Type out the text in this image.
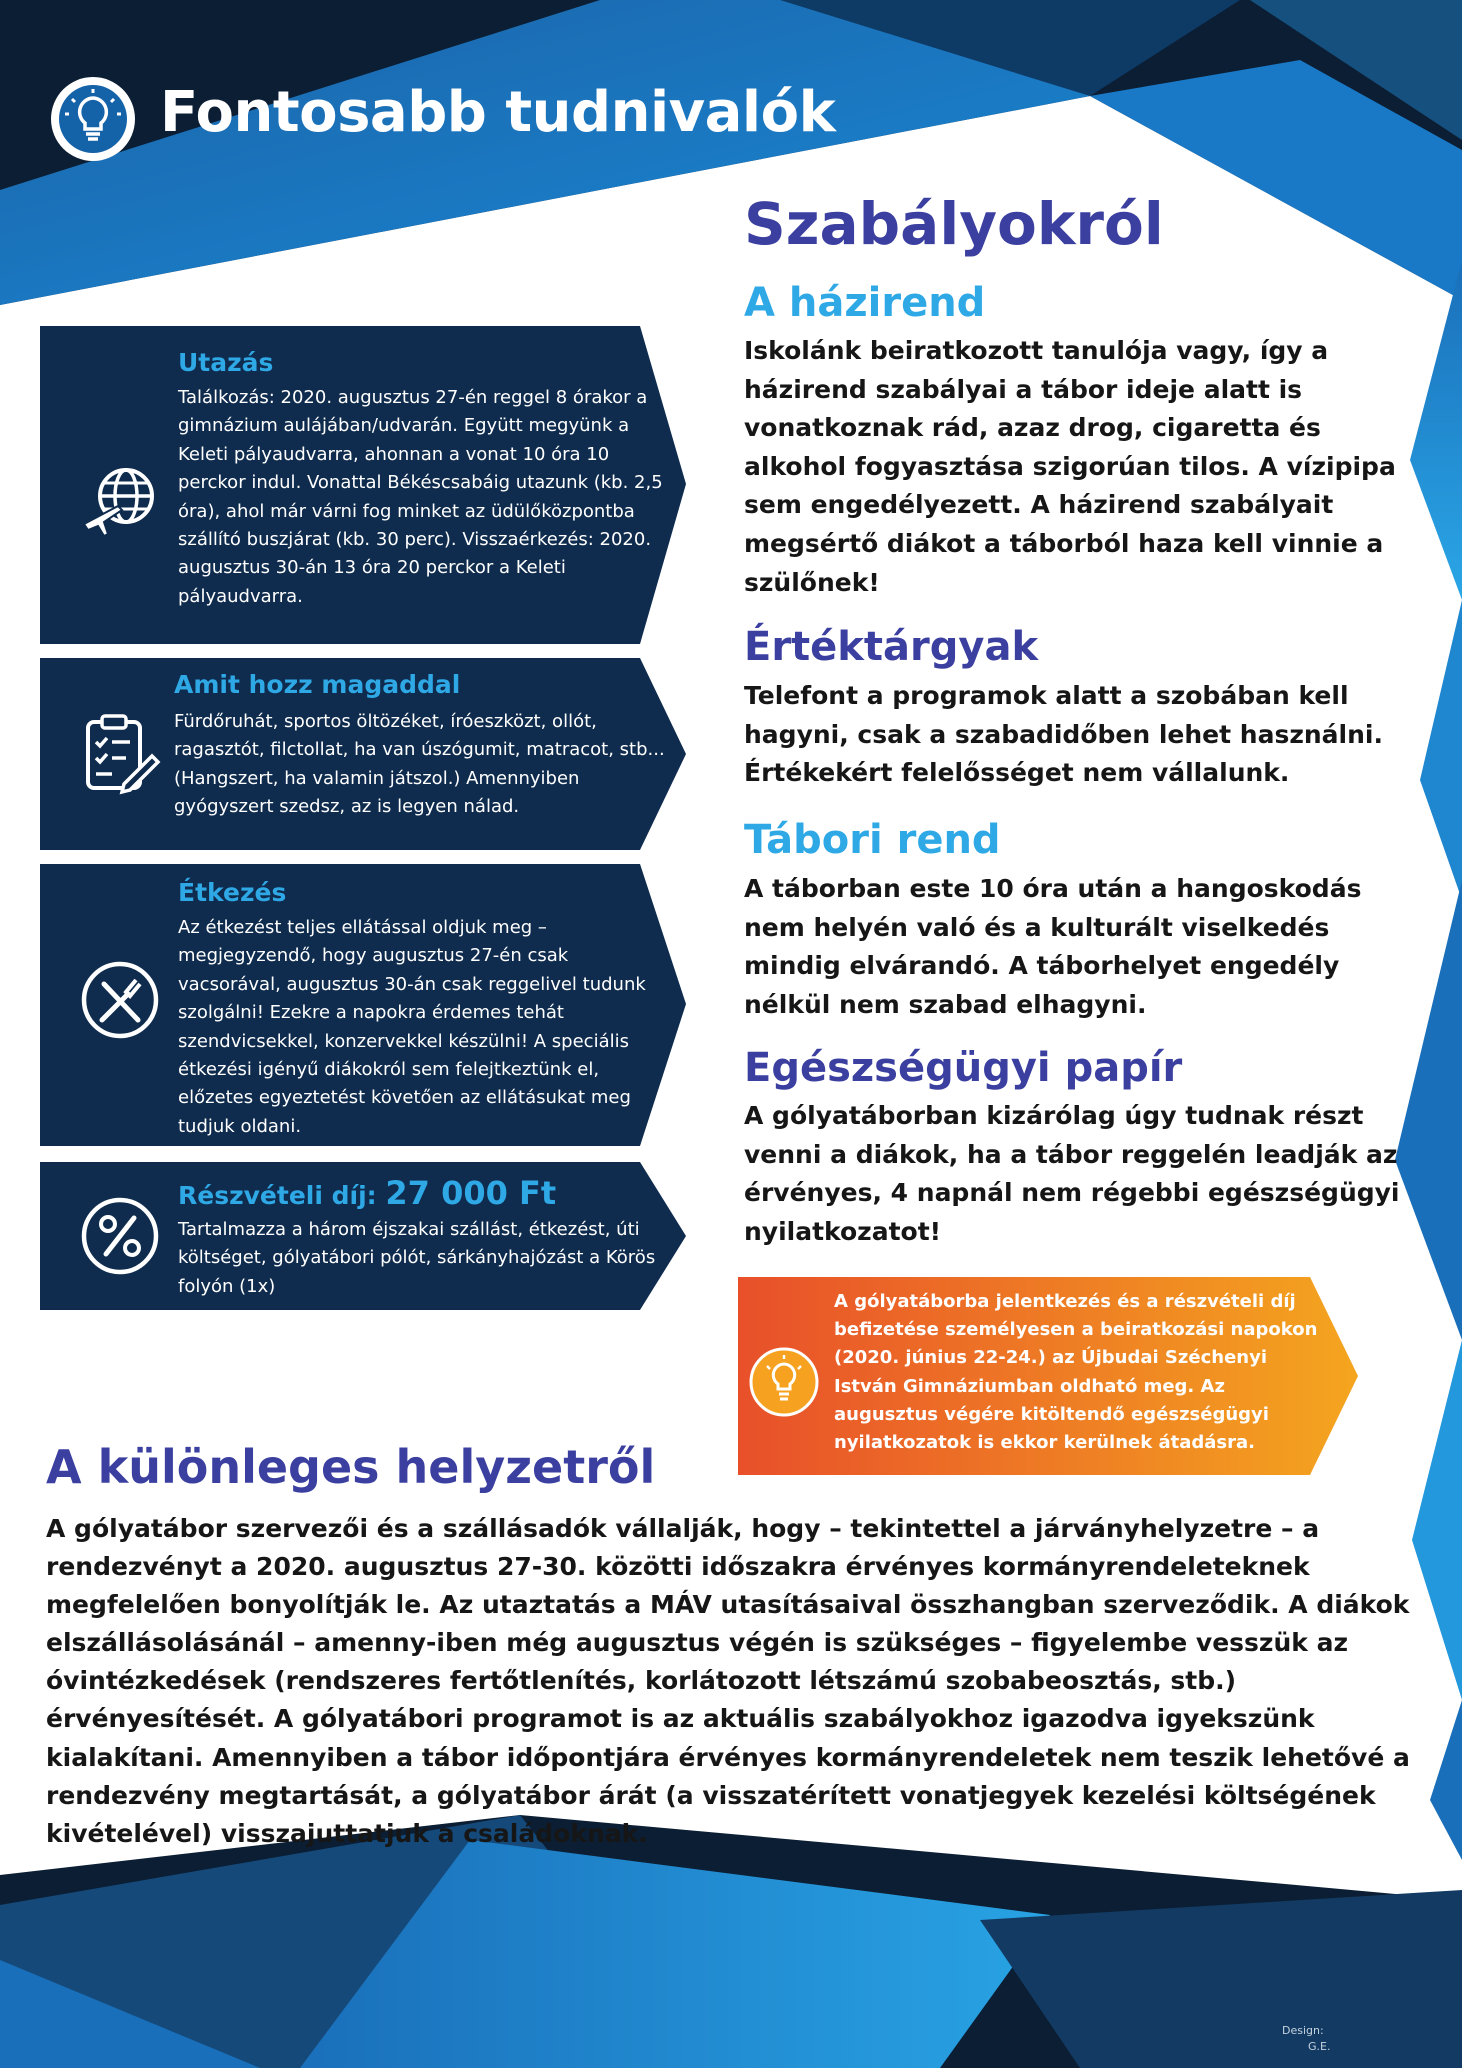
Fontosabb tudnivalók
Utazás
Találkozás: 2020. augusztus 27-én reggel 8 órakor a gimnázium aulájában/udvarán. Együtt megyünk a Keleti pályaudvarra, ahonnan a vonat 10 óra 10 perckor indul. Vonattal Békéscsabáig utazunk (kb. 2,5 óra), ahol már várni fog minket az üdülőközpontba szállító buszjárat (kb. 30 perc). Visszaérkezés: 2020. augusztus 30-án 13 óra 20 perckor a Keleti pályaudvarra.
Amit hozz magaddal
Fürdőruhát, sportos öltözéket, íróeszközt, ollót, ragasztót, filctollat, ha van úszógumit, matracot, stb... (Hangszert, ha valamin játszol.) Amennyiben gyógyszert szedsz, az is legyen nálad.
Étkezés
Az étkezést teljes ellátással oldjuk meg – megjegyzendő, hogy augusztus 27-én csak vacsorával, augusztus 30-án csak reggelivel tudunk szolgálni! Ezekre a napokra érdemes tehát szendvicsekkel, konzervekkel készülni! A speciális étkezési igényű diákokról sem felejtkeztünk el, előzetes egyeztetést követően az ellátásukat meg tudjuk oldani.
Részvételi díj: 27 000 Ft
Tartalmazza a három éjszakai szállást, étkezést, úti költséget, gólyatábori pólót, sárkányhajózást a Körös folyón (1x)
Szabályokról
A házirend
Iskolánk beiratkozott tanulója vagy, így a házirend szabályai a tábor ideje alatt is vonatkoznak rád, azaz drog, cigaretta és alkohol fogyasztása szigorúan tilos. A vízipipa sem engedélyezett. A házirend szabályait megsértő diákot a táborból haza kell vinnie a szülőnek!
Értéktárgyak
Telefont a programok alatt a szobában kell hagyni, csak a szabadidőben lehet használni. Értékekért felelősséget nem vállalunk.
Tábori rend
A táborban este 10 óra után a hangoskodás nem helyén való és a kulturált viselkedés mindig elvárandó. A táborhelyet engedély nélkül nem szabad elhagyni.
Egészségügyi papír
A gólyatáborban kizárólag úgy tudnak részt venni a diákok, ha a tábor reggelén leadják az érvényes, 4 napnál nem régebbi egészségügyi nyilatkozatot!
A gólyatáborba jelentkezés és a részvételi díj befizetése személyesen a beiratkozási napokon (2020. június 22-24.) az Újbudai Széchenyi István Gimnáziumban oldható meg. Az augusztus végére kitöltendő egészségügyi nyilatkozatok is ekkor kerülnek átadásra.
A különleges helyzetről
A gólyatábor szervezői és a szállásadók vállalják, hogy – tekintettel a járványhelyzetre – a rendezvényt a 2020. augusztus 27-30. közötti időszakra érvényes kormányrendeleteknek megfelelően bonyolítják le. Az utaztatás a MÁV utasításaival összhangban szerveződik. A diákok elszállásolásánál – amenny-iben még augusztus végén is szükséges – figyelembe vesszük az óvintézkedések (rendszeres fertőtlenítés, korlátozott létszámú szobabeosztás, stb.) érvényesítését. A gólyatábori programot is az aktuális szabályokhoz igazodva igyekszünk kialakítani. Amennyiben a tábor időpontjára érvényes kormányrendeletek nem teszik lehetővé a rendezvény megtartását, a gólyatábor árát (a visszatérített vonatjegyek kezelési költségének kivételével) visszajuttatjuk a családoknak.
Design:
G.E.
